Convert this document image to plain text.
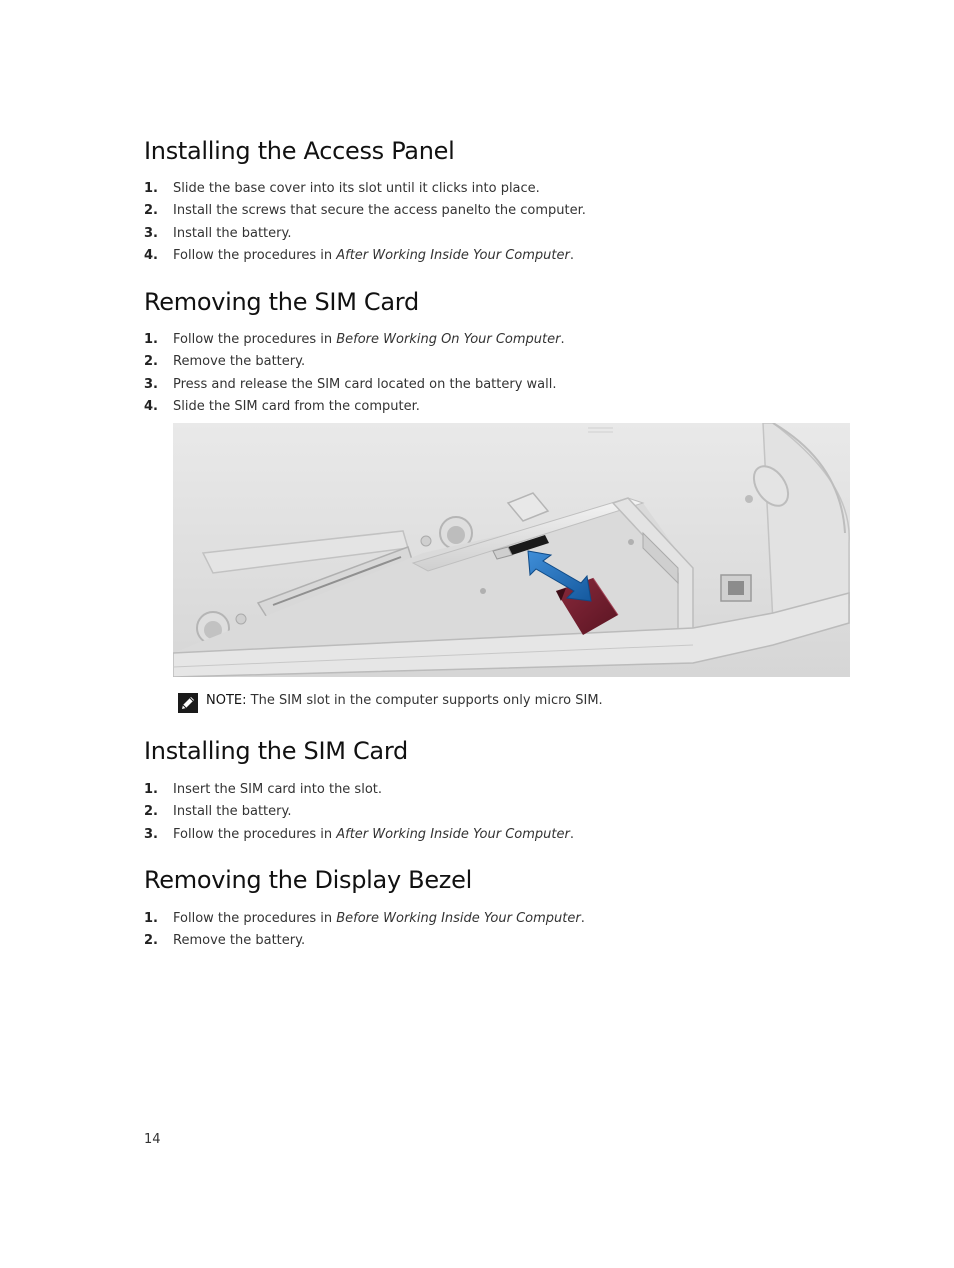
Installing the Access Panel
1. Slide the base cover into its slot until it clicks into place.
2. Install the screws that secure the access panelto the computer.
3. Install the battery.
4. Follow the procedures in After Working Inside Your Computer.
Removing the SIM Card
1. Follow the procedures in Before Working On Your Computer.
2. Remove the battery.
3. Press and release the SIM card located on the battery wall.
4. Slide the SIM card from the computer.
NOTE: The SIM slot in the computer supports only micro SIM.
Installing the SIM Card
1. Insert the SIM card into the slot.
2. Install the battery.
3. Follow the procedures in After Working Inside Your Computer.
Removing the Display Bezel
1. Follow the procedures in Before Working Inside Your Computer.
2. Remove the battery.
14
